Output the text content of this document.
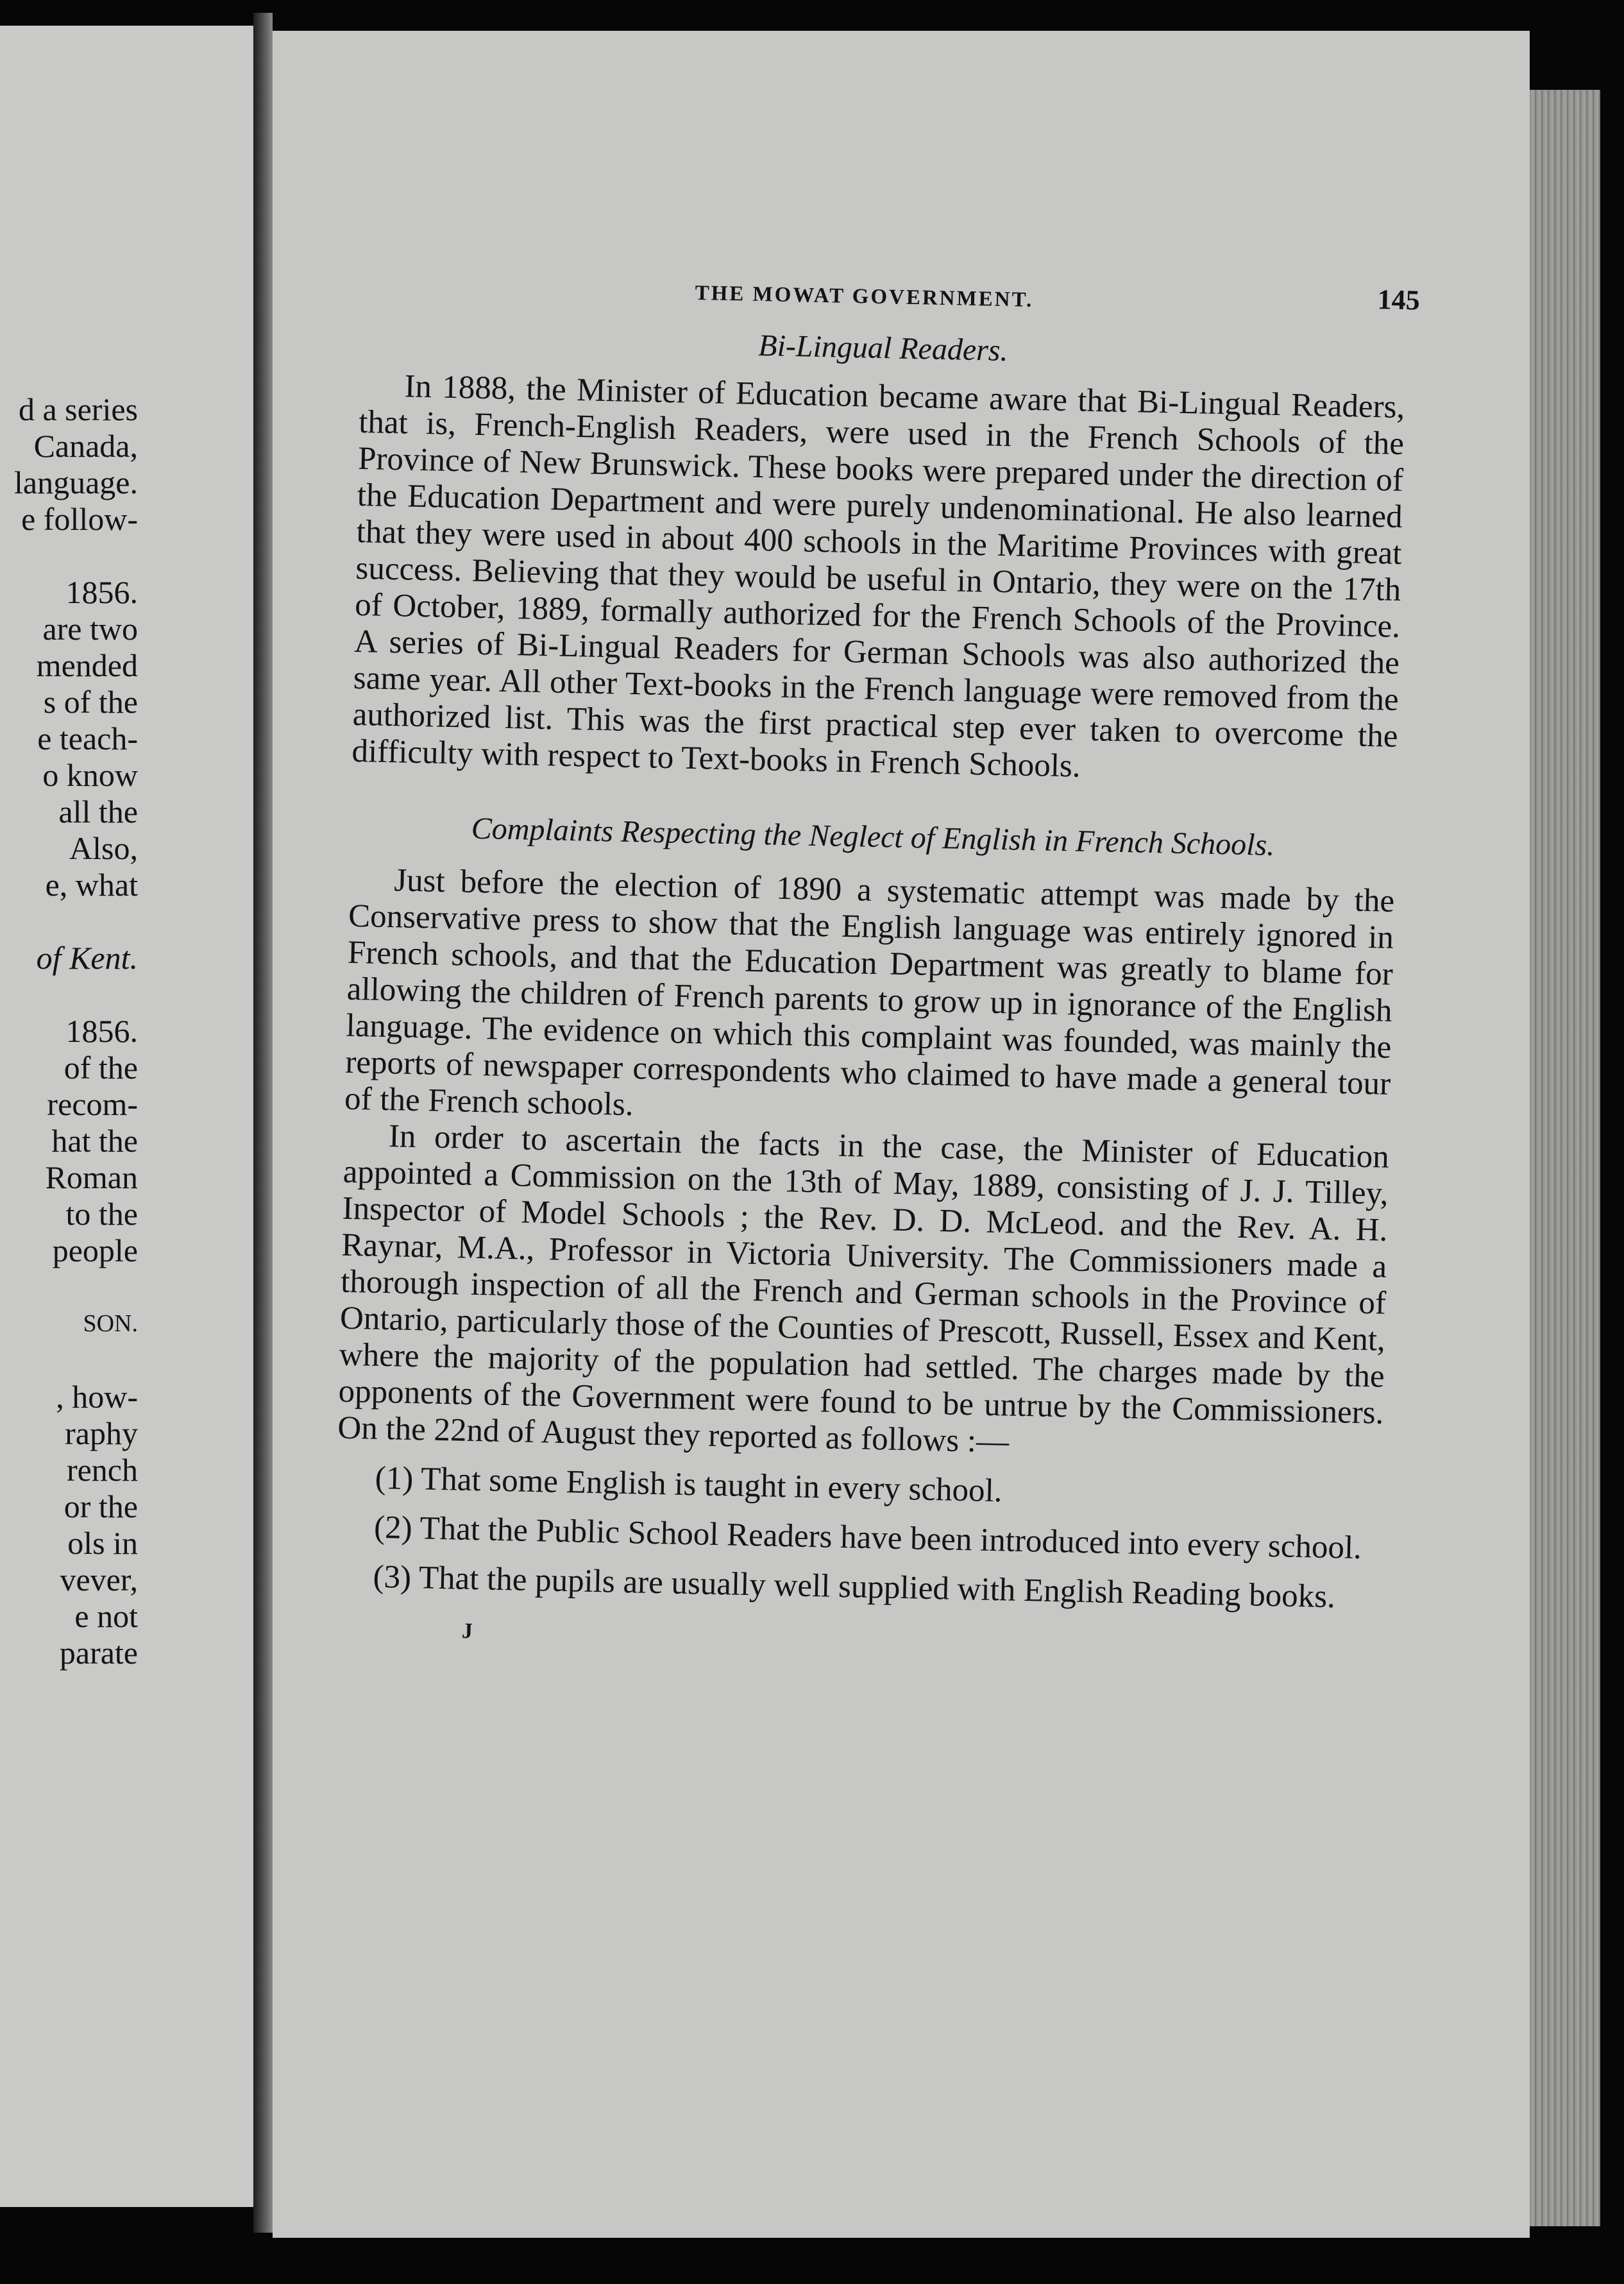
d a series
Canada,
language.
e follow-
1856.
are two
mended
s of the
e teach-
o know
all the
Also,
e, what
of Kent.
1856.
of the
recom-
hat the
Roman
to the
people
SON.
, how-
raphy
rench
or the
ols in
vever,
e not
parate
THE MOWAT GOVERNMENT.	145
Bi-Lingual Readers.

In 1888, the Minister of Education became aware that Bi-Lingual Readers, that is, French-English Readers, were used in the French Schools of the Province of New Brunswick. These books were prepared under the direction of the Education Department and were purely undenominational. He also learned that they were used in about 400 schools in the Maritime Provinces with great success. Believing that they would be useful in Ontario, they were on the 17th of October, 1889, formally authorized for the French Schools of the Province. A series of Bi-Lingual Readers for German Schools was also authorized the same year. All other Text-books in the French language were removed from the authorized list. This was the first practical step ever taken to overcome the difficulty with respect to Text-books in French Schools.

Complaints Respecting the Neglect of English in French Schools.

Just before the election of 1890 a systematic attempt was made by the Conservative press to show that the English language was entirely ignored in French schools, and that the Education Department was greatly to blame for allowing the children of French parents to grow up in ignorance of the English language. The evidence on which this complaint was founded, was mainly the reports of newspaper correspondents who claimed to have made a general tour of the French schools.

In order to ascertain the facts in the case, the Minister of Education appointed a Commission on the 13th of May, 1889, consisting of J. J. Tilley, Inspector of Model Schools ; the Rev. D. D. McLeod. and the Rev. A. H. Raynar, M.A., Professor in Victoria University. The Commissioners made a thorough inspection of all the French and German schools in the Province of Ontario, particularly those of the Counties of Prescott, Russell, Essex and Kent, where the majority of the population had settled. The charges made by the opponents of the Government were found to be untrue by the Commissioners. On the 22nd of August they reported as follows :—

(1) That some English is taught in every school.

(2) That the Public School Readers have been introduced into every school.

(3) That the pupils are usually well supplied with English Reading books.

J
